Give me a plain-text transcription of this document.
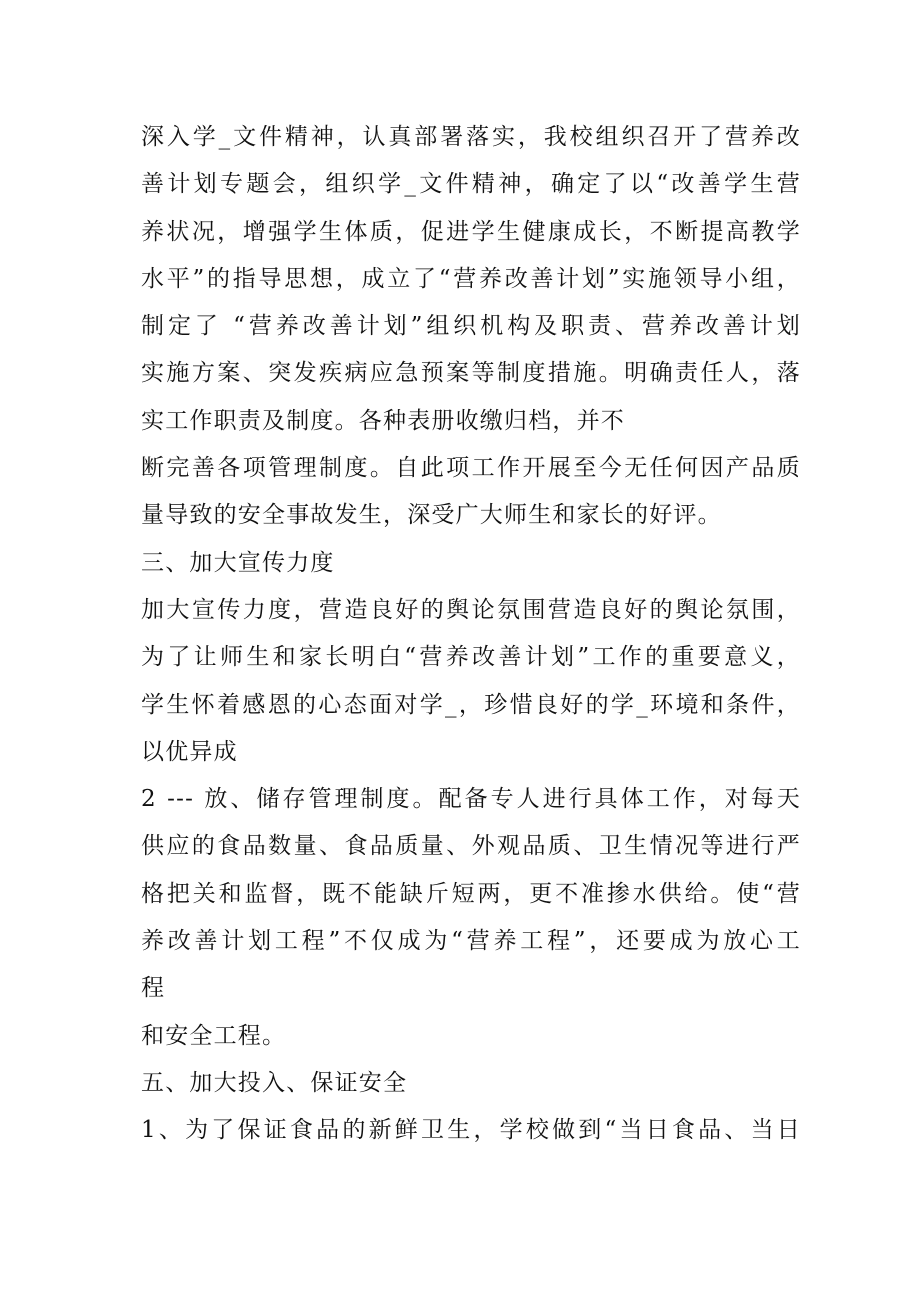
深入学_文件精神，认真部署落实，我校组织召开了营养改
善计划专题会，组织学_文件精神，确定了以“改善学生营
养状况，增强学生体质，促进学生健康成长，不断提高教学
水平”的指导思想，成立了“营养改善计划”实施领导小组，
制定了 “营养改善计划”组织机构及职责、营养改善计划
实施方案、突发疾病应急预案等制度措施。明确责任人，落
实工作职责及制度。各种表册收缴归档，并不
断完善各项管理制度。自此项工作开展至今无任何因产品质
量导致的安全事故发生，深受广大师生和家长的好评。
三、加大宣传力度
加大宣传力度，营造良好的舆论氛围营造良好的舆论氛围，
为了让师生和家长明白“营养改善计划”工作的重要意义，
学生怀着感恩的心态面对学_，珍惜良好的学_环境和条件，
以优异成
2 --- 放、储存管理制度。配备专人进行具体工作，对每天
供应的食品数量、食品质量、外观品质、卫生情况等进行严
格把关和监督，既不能缺斤短两，更不准掺水供给。使“营
养改善计划工程”不仅成为“营养工程”，还要成为放心工
程
和安全工程。
五、加大投入、保证安全
1、为了保证食品的新鲜卫生，学校做到“当日食品、当日
